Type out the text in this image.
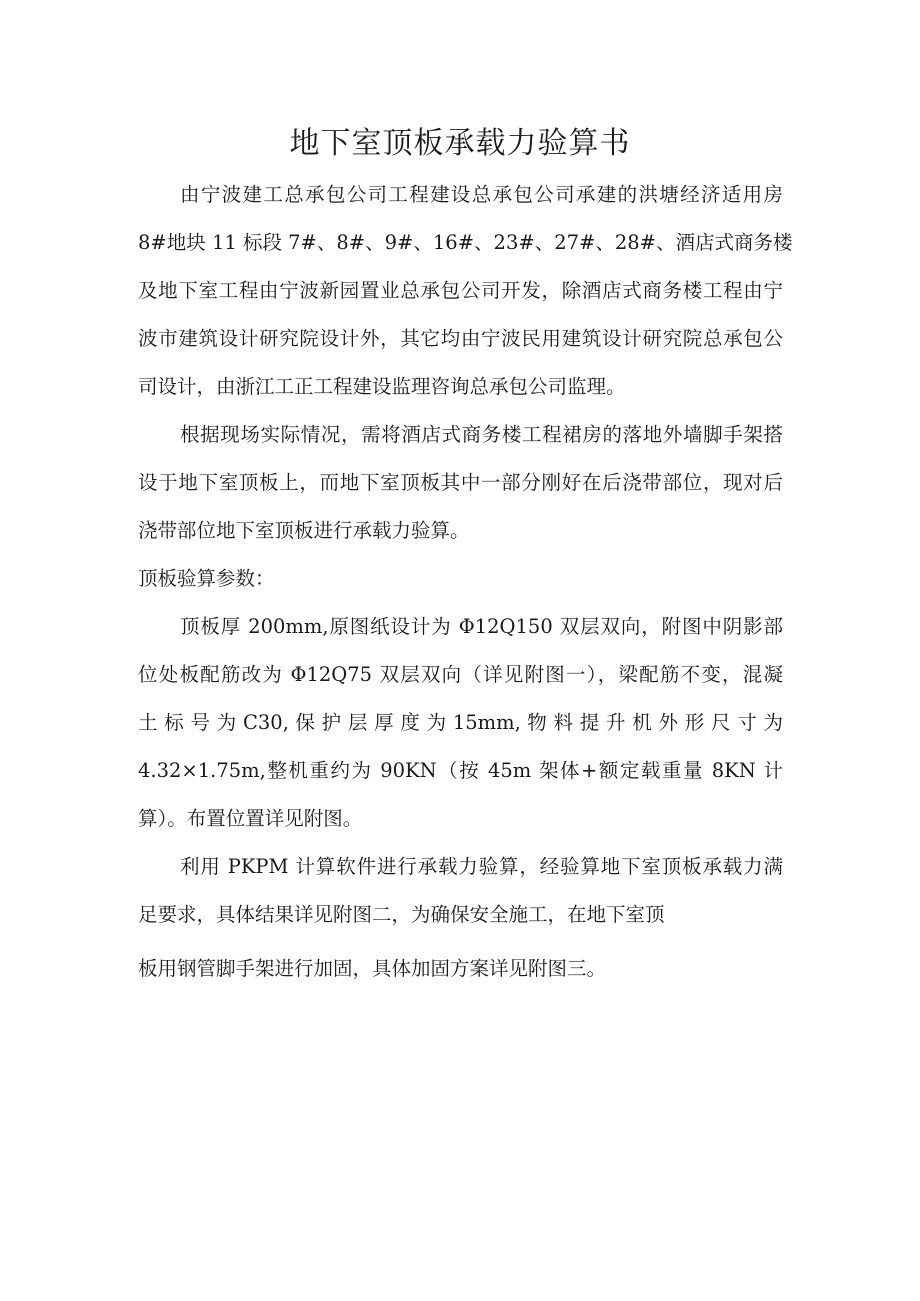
地下室顶板承载力验算书
由宁波建工总承包公司工程建设总承包公司承建的洪塘经济适用房
8#地块 11 标段 7#、8#、9#、16#、23#、27#、28#、酒店式商务楼
及地下室工程由宁波新园置业总承包公司开发，除酒店式商务楼工程由宁
波市建筑设计研究院设计外，其它均由宁波民用建筑设计研究院总承包公
司设计，由浙江工正工程建设监理咨询总承包公司监理。
根据现场实际情况，需将酒店式商务楼工程裙房的落地外墙脚手架搭
设于地下室顶板上，而地下室顶板其中一部分刚好在后浇带部位，现对后
浇带部位地下室顶板进行承载力验算。
顶板验算参数：
顶板厚 200mm,原图纸设计为 Φ12Q150 双层双向，附图中阴影部
位处板配筋改为 Φ12Q75 双层双向（详见附图一），梁配筋不变，混凝
土 标 号 为 C30, 保 护 层 厚 度 为 15mm, 物 料 提 升 机 外 形 尺 寸 为
4.32×1.75m,整机重约为 90KN（按 45m 架体+额定载重量 8KN 计
算）。布置位置详见附图。
利用 PKPM 计算软件进行承载力验算，经验算地下室顶板承载力满
足要求，具体结果详见附图二，为确保安全施工，在地下室顶
板用钢管脚手架进行加固，具体加固方案详见附图三。
